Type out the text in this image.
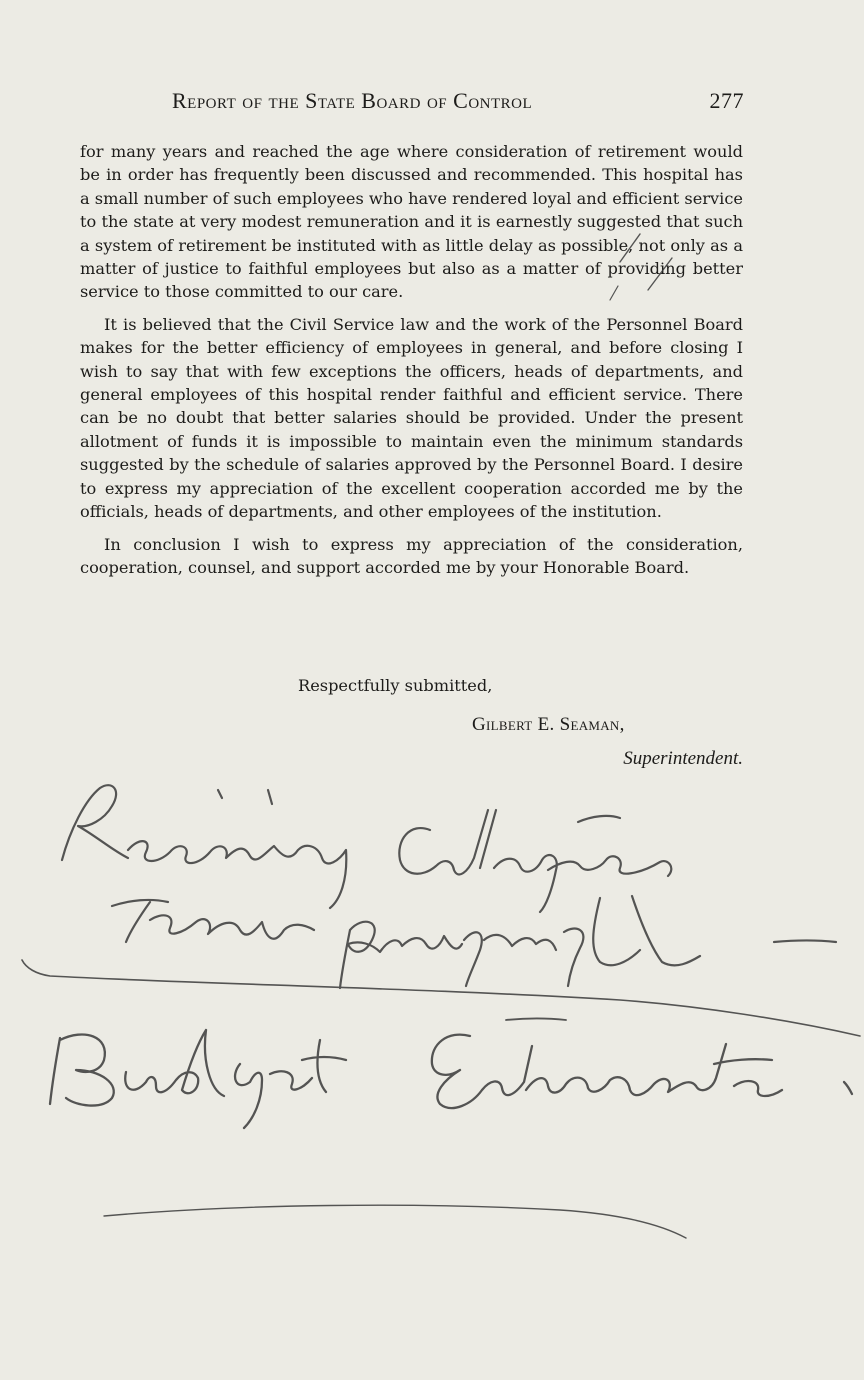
Report of the State Board of Control	277

for many years and reached the age where consideration of retirement would be in order has frequently been discussed and recommended. This hospital has a small number of such employees who have rendered loyal and efficient service to the state at very modest remuneration and it is earnestly suggested that such a system of retirement be instituted with as little delay as possible, not only as a matter of justice to faithful employees but also as a matter of providing better service to those committed to our care.

It is believed that the Civil Service law and the work of the Personnel Board makes for the better efficiency of employees in general, and before closing I wish to say that with few exceptions the officers, heads of departments, and general employees of this hospital render faithful and efficient service. There can be no doubt that better salaries should be provided. Under the present allotment of funds it is impossible to maintain even the minimum standards suggested by the schedule of salaries approved by the Personnel Board. I desire to express my appreciation of the excellent cooperation accorded me by the officials, heads of departments, and other employees of the institution.

In conclusion I wish to express my appreciation of the consideration, cooperation, counsel, and support accorded me by your Honorable Board.

Respectfully submitted,
Gilbert E. Seaman,
Superintendent.
